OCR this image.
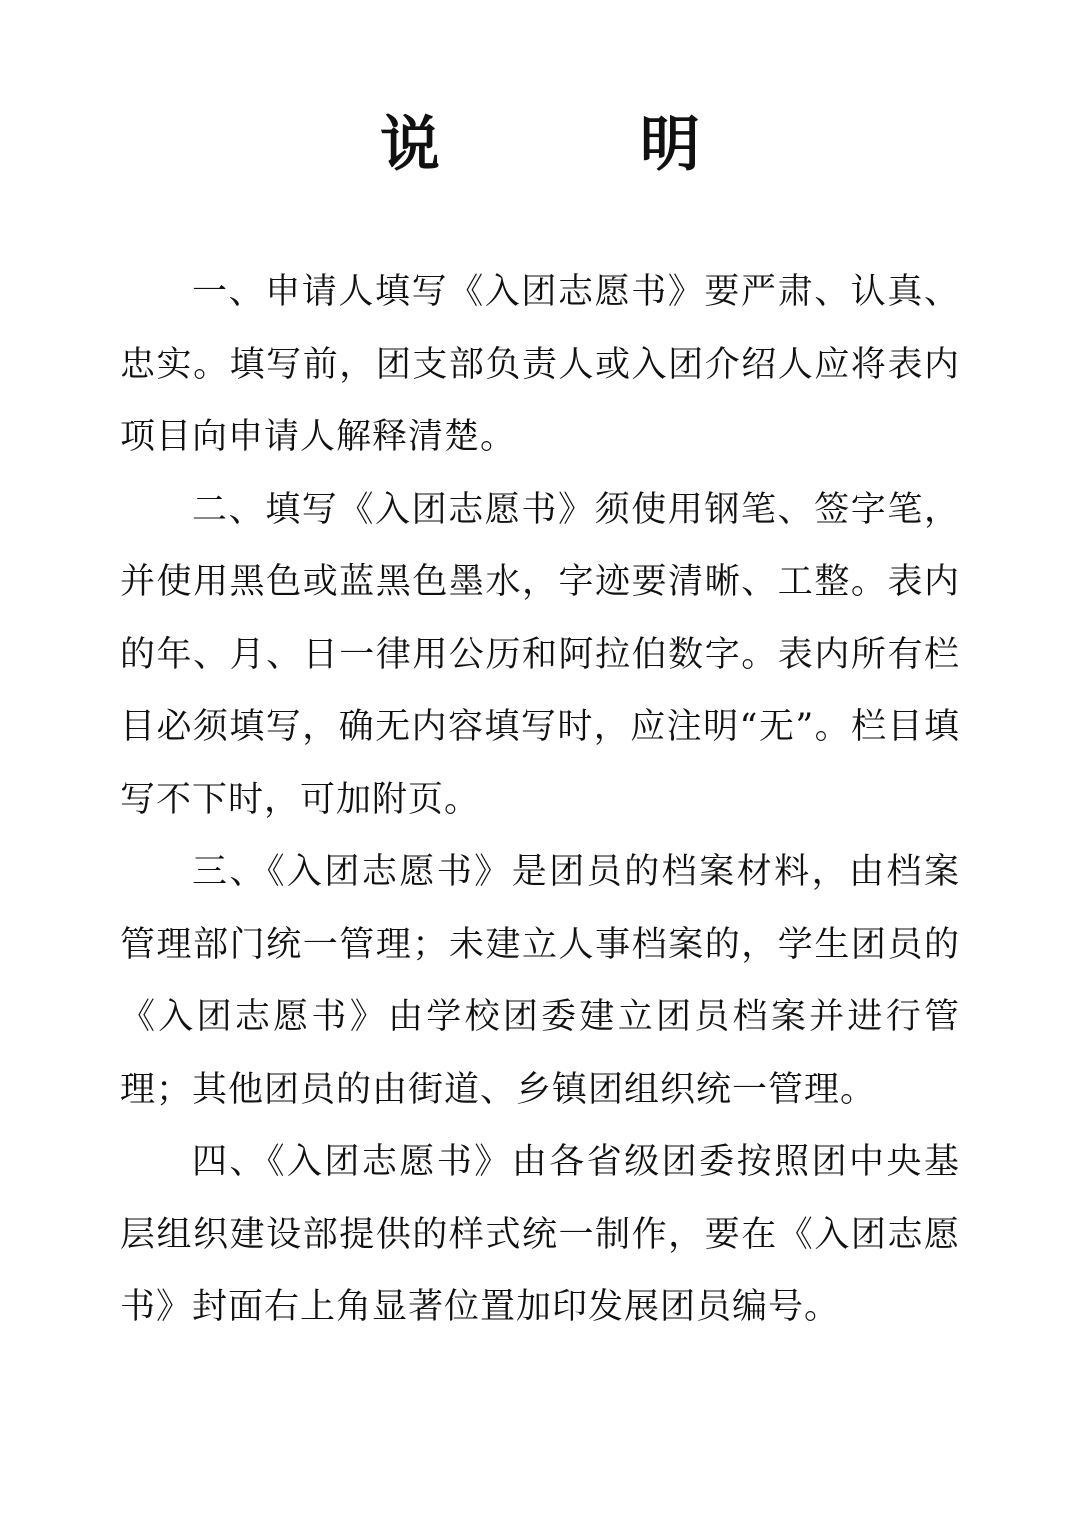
说　明

一、申请人填写《入团志愿书》要严肃、认真、忠实。填写前，团支部负责人或入团介绍人应将表内项目向申请人解释清楚。

二、填写《入团志愿书》须使用钢笔、签字笔，并使用黑色或蓝黑色墨水，字迹要清晰、工整。表内的年、月、日一律用公历和阿拉伯数字。表内所有栏目必须填写，确无内容填写时，应注明“无”。栏目填写不下时，可加附页。

三、《入团志愿书》是团员的档案材料，由档案管理部门统一管理；未建立人事档案的，学生团员的《入团志愿书》由学校团委建立团员档案并进行管理；其他团员的由街道、乡镇团组织统一管理。

四、《入团志愿书》由各省级团委按照团中央基层组织建设部提供的样式统一制作，要在《入团志愿书》封面右上角显著位置加印发展团员编号。
